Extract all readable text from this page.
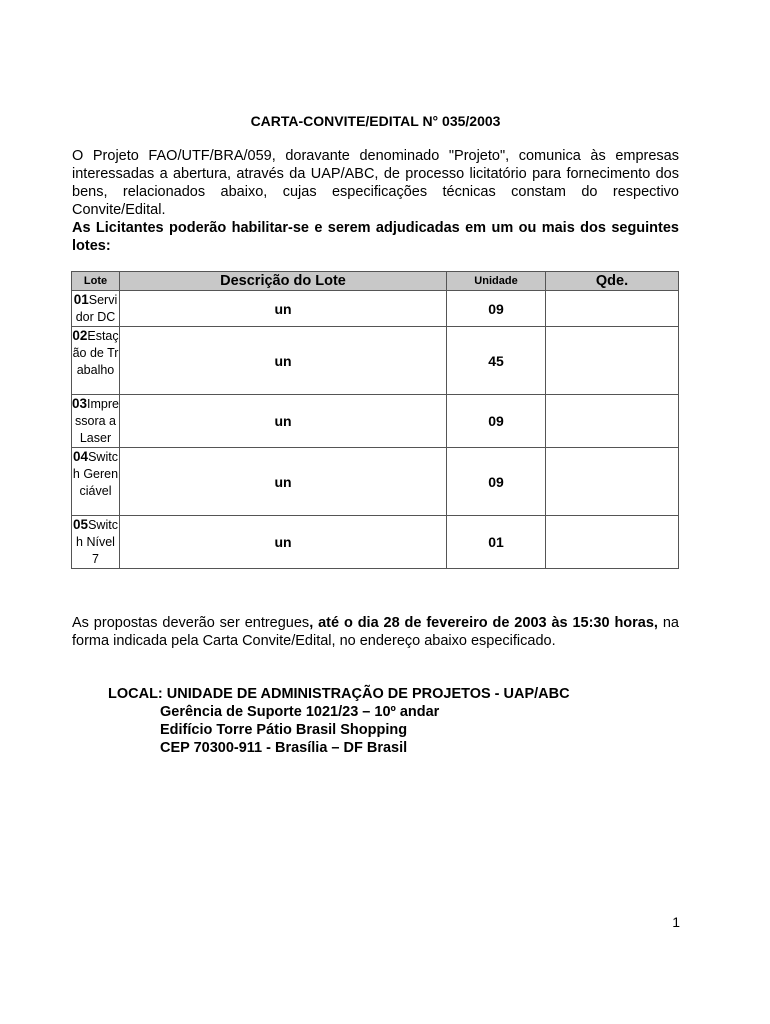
CARTA-CONVITE/EDITAL N° 035/2003

O Projeto FAO/UTF/BRA/059, doravante denominado "Projeto", comunica às empresas interessadas a abertura, através da UAP/ABC, de processo licitatório para fornecimento dos bens, relacionados abaixo, cujas especificações técnicas constam do respectivo Convite/Edital.

As Licitantes poderão habilitar-se e serem adjudicadas em um ou mais dos seguintes lotes:

Lote	Descrição do Lote	Unidade	Qde.
01Servidor DC	un	09	
02Estação de Trabalho	un	45	
03Impressora a Laser	un	09	
04Switch Gerenciável	un	09	
05Switch Nível 7	un	01	
As propostas deverão ser entregues, até o dia 28 de fevereiro de 2003 às 15:30 horas, na forma indicada pela Carta Convite/Edital, no endereço abaixo especificado.
LOCAL: UNIDADE DE ADMINISTRAÇÃO DE PROJETOS - UAP/ABC
Gerência de Suporte 1021/23 – 10º andar
Edifício Torre Pátio Brasil Shopping
CEP 70300-911 - Brasília – DF Brasil
1
